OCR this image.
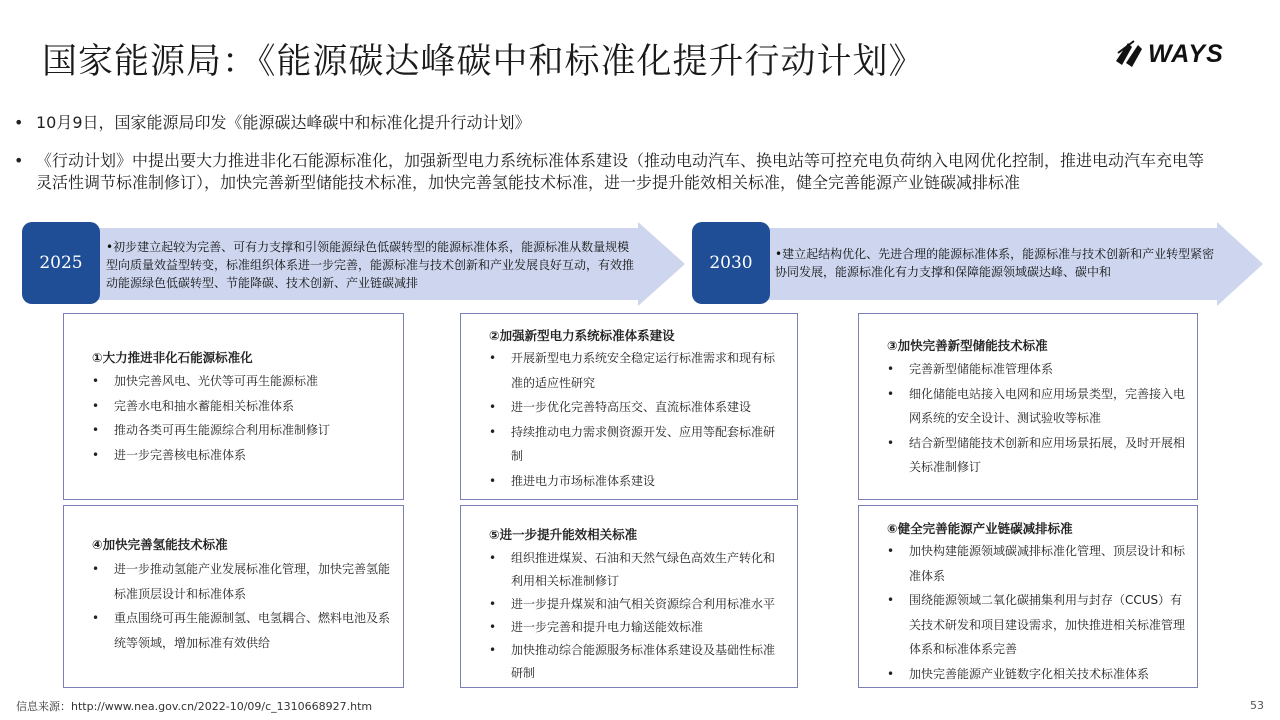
国家能源局：《能源碳达峰碳中和标准化提升行动计划》	WAYS
• 10月9日，国家能源局印发《能源碳达峰碳中和标准化提升行动计划》
• 《行动计划》中提出要大力推进非化石能源标准化，加强新型电力系统标准体系建设（推动电动汽车、换电站等可控充电负荷纳入电网优化控制，推进电动汽车充电等灵活性调节标准制修订），加快完善新型储能技术标准，加快完善氢能技术标准，进一步提升能效相关标准，健全完善能源产业链碳减排标准
•初步建立起较为完善、可有力支撑和引领能源绿色低碳转型的能源标准体系，能源标准从数量规模型向质量效益型转变，标准组织体系进一步完善，能源标准与技术创新和产业发展良好互动，有效推动能源绿色低碳转型、节能降碳、技术创新、产业链碳减排
2025	•建立起结构优化、先进合理的能源标准体系，能源标准与技术创新和产业转型紧密协同发展，能源标准化有力支撑和保障能源领域碳达峰、碳中和
2030
①大力推进非化石能源标准化
• 加快完善风电、光伏等可再生能源标准
• 完善水电和抽水蓄能相关标准体系
• 推动各类可再生能源综合利用标准制修订
• 进一步完善核电标准体系
②加强新型电力系统标准体系建设
• 开展新型电力系统安全稳定运行标准需求和现有标准的适应性研究
• 进一步优化完善特高压交、直流标准体系建设
• 持续推动电力需求侧资源开发、应用等配套标准研制
• 推进电力市场标准体系建设
③加快完善新型储能技术标准
• 完善新型储能标准管理体系
• 细化储能电站接入电网和应用场景类型，完善接入电网系统的安全设计、测试验收等标准
• 结合新型储能技术创新和应用场景拓展，及时开展相关标准制修订
④加快完善氢能技术标准
• 进一步推动氢能产业发展标准化管理，加快完善氢能标准顶层设计和标准体系
• 重点围绕可再生能源制氢、电氢耦合、燃料电池及系统等领域，增加标准有效供给
⑤进一步提升能效相关标准
• 组织推进煤炭、石油和天然气绿色高效生产转化和利用相关标准制修订
• 进一步提升煤炭和油气相关资源综合利用标准水平
• 进一步完善和提升电力输送能效标准
• 加快推动综合能源服务标准体系建设及基础性标准研制
⑥健全完善能源产业链碳减排标准
• 加快构建能源领域碳减排标准化管理、顶层设计和标准体系
• 围绕能源领域二氧化碳捕集利用与封存（CCUS）有关技术研发和项目建设需求，加快推进相关标准管理体系和标准体系完善
• 加快完善能源产业链数字化相关技术标准体系
信息来源：http://www.nea.gov.cn/2022-10/09/c_1310668927.htm	53
